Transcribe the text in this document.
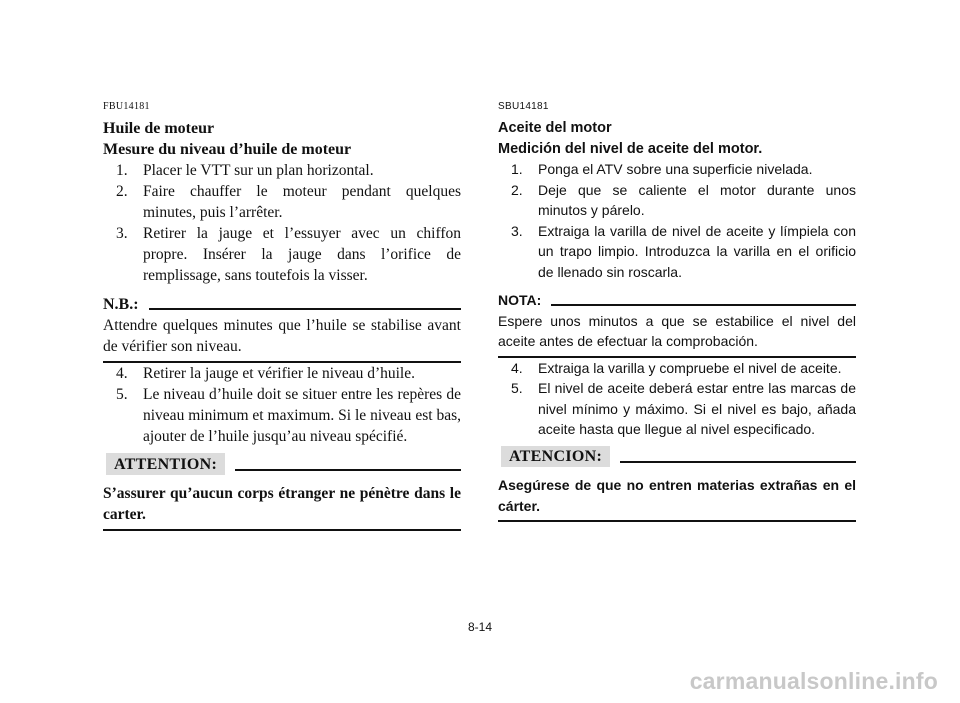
FBU14181
Huile de moteur
Mesure du niveau d’huile de moteur
1. Placer le VTT sur un plan horizontal.
2. Faire chauffer le moteur pendant quelques minutes, puis l’arrêter.
3. Retirer la jauge et l’essuyer avec un chiffon propre. Insérer la jauge dans l’orifice de remplissage, sans toutefois la visser.
N.B.:
Attendre quelques minutes que l’huile se stabilise avant de vérifier son niveau.
4. Retirer la jauge et vérifier le niveau d’huile.
5. Le niveau d’huile doit se situer entre les repères de niveau minimum et maximum. Si le niveau est bas, ajouter de l’huile jusqu’au niveau spécifié.
ATTENTION:
S’assurer qu’aucun corps étranger ne pénètre dans le carter.
SBU14181
Aceite del motor
Medición del nivel de aceite del motor.
1. Ponga el ATV sobre una superficie nivelada.
2. Deje que se caliente el motor durante unos minutos y párelo.
3. Extraiga la varilla de nivel de aceite y límpiela con un trapo limpio. Introduzca la varilla en el orificio de llenado sin roscarla.
NOTA:
Espere unos minutos a que se estabilice el nivel del aceite antes de efectuar la comprobación.
4. Extraiga la varilla y compruebe el nivel de aceite.
5. El nivel de aceite deberá estar entre las marcas de nivel mínimo y máximo. Si el nivel es bajo, añada aceite hasta que llegue al nivel especificado.
ATENCION:
Asegúrese de que no entren materias extrañas en el cárter.
8-14
carmanualsonline.info
